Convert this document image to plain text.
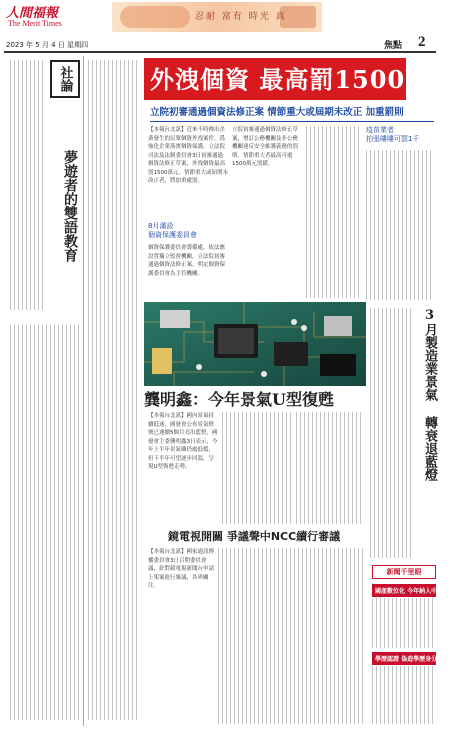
人間福報
The Merit Times
忍耐 富有 時光 真
2023 年 5 月 4 日 星期四	焦點	2
社論
夢遊者的雙語教育
外洩個資 最高罰1500萬元
立院初審通過個資法修正案 情節重大或屆期未改正 加重罰則
【本報台北訊】近來不時傳出企業發生的民眾個資外洩案件，爲強化企業落實個資保護，立法院司法及法制委員會3日初審通過個資法修正草案，外洩個資最高罰1500萬元，情節重大或屆期未改正者，將加重處罰。
8月滿設
個資保護委員會
個資保護委員會籌備處，依法應設置獨立監督機關，立法院初審通過個資法修正案，明定個資保護委員會為主管機關。
立院初審通過個資法修正草案，增訂公務機關及非公務機關違反安全維護義務的罰則，情節重大者最高可處1500萬元罰鍰。
疫苗業者
拍張嘍嘍可罰1千
龔明鑫：今年景氣U型復甦
【本報台北訊】國內景氣持續低迷，國發會公布景氣燈號已連續5個月亮出藍燈，國發會主委龔明鑫3日表示，今年上半年景氣雖仍處低檔，但下半年可望逐步回溫，呈現U型復甦走勢。
鏡電視開關 爭議聲中NCC續行審議
【本報台北訊】國家通訊傳播委員會3日召開委員會議，針對鏡電視新聞台申請上架案進行審議，各界關注。
3月製造業景氣 轉衰退藍燈
新聞千里眼
國產數位化 今年納入中醫藥
學歷認證 偽造學歷身分證將嚴懲
